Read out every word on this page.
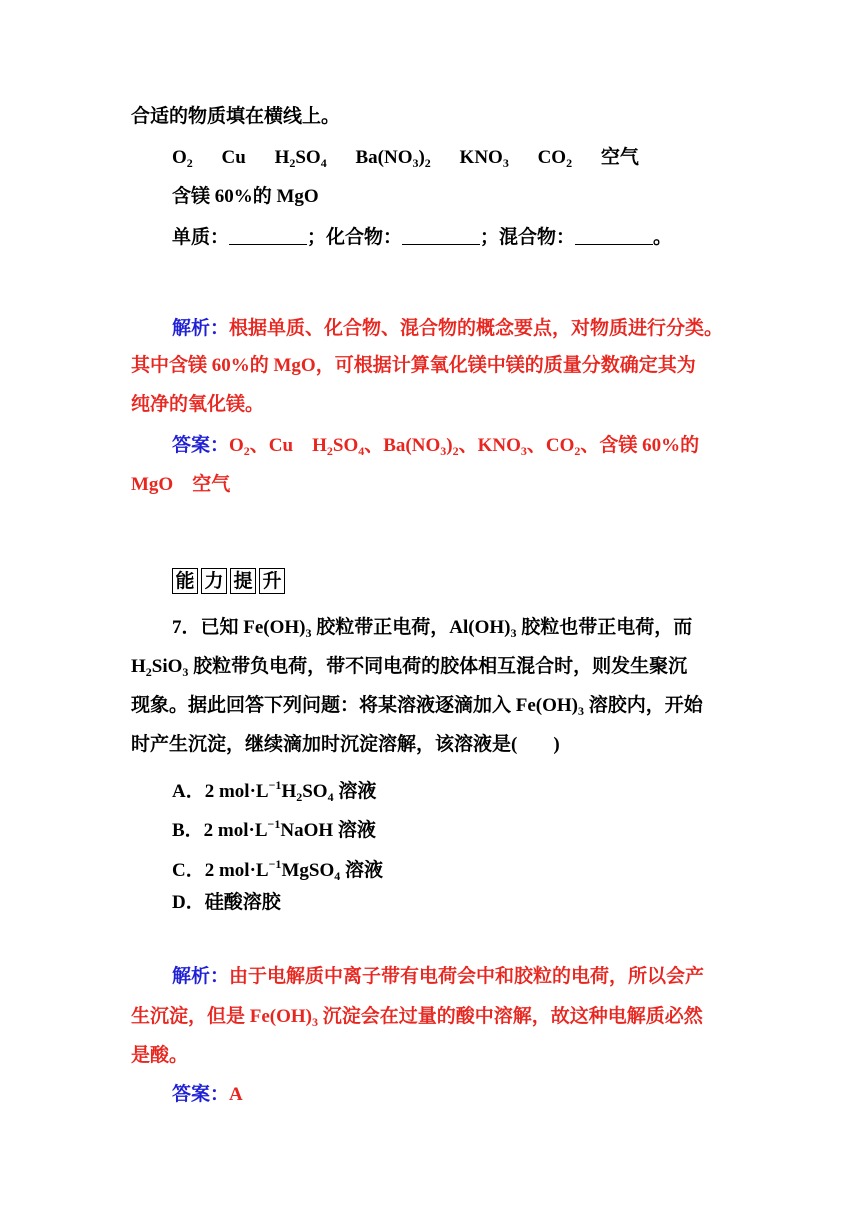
合适的物质填在横线上。
$O_2$ Cu $H_2SO_4$ $Ba(NO_3)_2$ $KNO_3$ $CO_2$ 空气
含镁 60%的 MgO
单质：	；化合物：	；混合物：	。
解析：根据单质、化合物、混合物的概念要点，对物质进行分类。
其中含镁 60%的 MgO，可根据计算氧化镁中镁的质量分数确定其为
纯净的氧化镁。
答案：$O_2$、Cu　$H_2SO_4$、$Ba(NO_3)_2$、$KNO_3$、$CO_2$、含镁 60%的
MgO　空气
能 力 提 升
7．已知 $Fe(OH)_3$ 胶粒带正电荷，$Al(OH)_3$ 胶粒也带正电荷，而
$H_2SiO_3$ 胶粒带负电荷，带不同电荷的胶体相互混合时，则发生聚沉
现象。据此回答下列问题：将某溶液逐滴加入 $Fe(OH)_3$ 溶胶内，开始
时产生沉淀，继续滴加时沉淀溶解，该溶液是( )
A．2 $mol\cdot L^{-1}H_2SO_4$ 溶液
B．2 $mol\cdot L^{-1}NaOH$ 溶液
C．2 $mol\cdot L^{-1}MgSO_4$ 溶液
D．硅酸溶胶
解析：由于电解质中离子带有电荷会中和胶粒的电荷，所以会产
生沉淀，但是 $Fe(OH)_3$ 沉淀会在过量的酸中溶解，故这种电解质必然
是酸。
答案：A
